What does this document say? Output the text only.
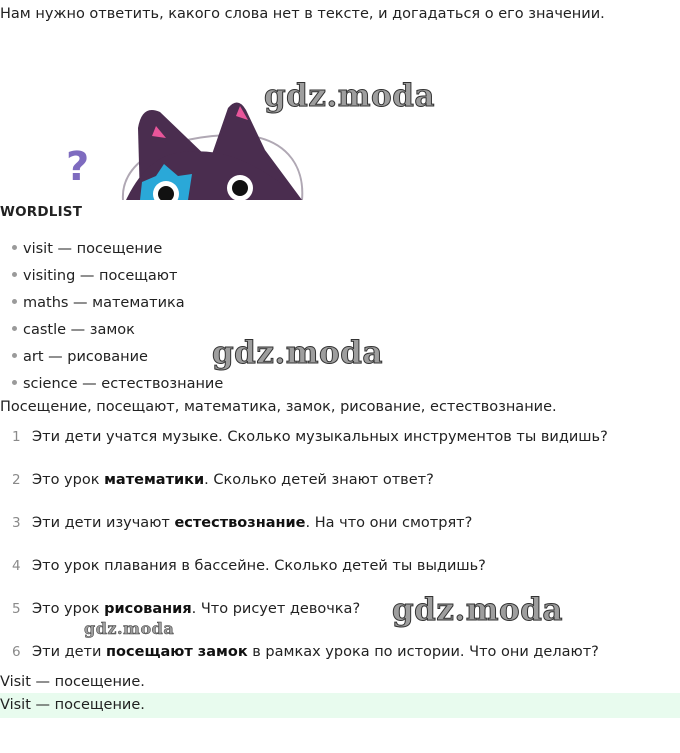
Нам нужно ответить, какого слова нет в тексте, и догадаться о его значении.
?
gdz.moda
WORDLIST
visit — посещение
visiting — посещают
maths — математика
castle — замок
art — рисование
science — естествознание
gdz.moda
Посещение, посещают, математика, замок, рисование, естествознание.
1 Эти дети учатся музыке. Сколько музыкальных инструментов ты видишь?
2 Это урок математики. Сколько детей знают ответ?
3 Эти дети изучают естествознание. На что они смотрят?
4 Это урок плавания в бассейне. Сколько детей ты выдишь?
5 Это урок рисования. Что рисует девочка?
6 Эти дети посещают замок в рамках урока по истории. Что они делают?
gdz.moda
gdz.moda
Visit — посещение.
Visit — посещение.
